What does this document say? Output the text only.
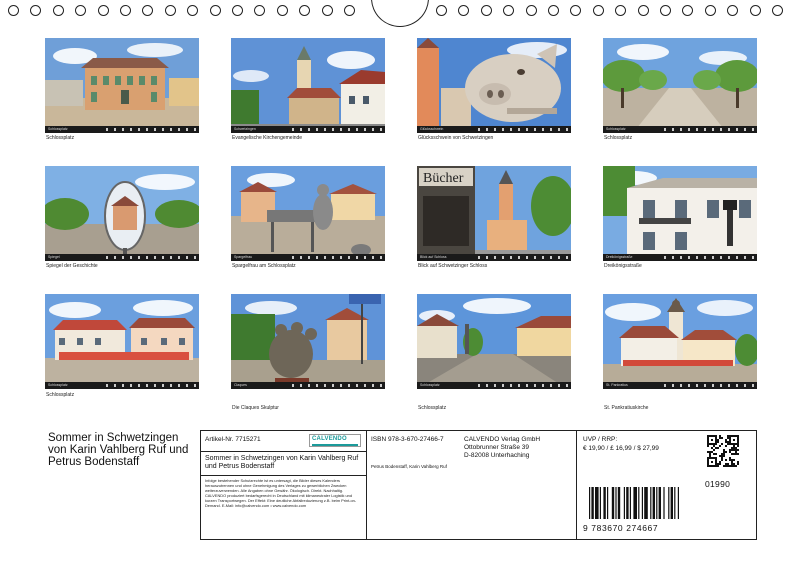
Schlossplatz
Schlossplatz
Schwetzingen
Evangelische Kirchengemeinde
Glücksschwein
Glücksschwein von Schwetzingen
Schlossplatz
Schlossplatz
Spiegel
Spiegel der Geschichte
Spargelfrau
Spargelfrau am Schlossplatz
Bücher
Blick auf Schloss
Blick auf Schwetzinger Schloss
Dreikönigsstraße
Dreikönigsstraße
Schlossplatz
Schlossplatz
Claques
Die Claques Skulptur
Schlossplatz
Schlossplatz
St. Pankratius
St. Pankratiuskirche
Sommer in Schwetzingen von Karin Vahlberg Ruf und Petrus Bodenstaff
Artikel-Nr. 7715271	CALVENDO
Sommer in Schwetzingen von Karin Vahlberg Ruf und Petrus Bodenstaff
Infolge bestehender Schutzrechte ist es untersagt, die Bilder dieses Kalenders herauszutrennen und ohne Genehmigung des Verlages zu gewerblichen Zwecken weiterzuverwenden. Alle Angaben ohne Gewähr. Ökologisch. Direkt. Nachhaltig. CALVENDO produziert bedarfsgerecht in Deutschland mit klimaneutraler Logistik und kurzen Transportwegen. Der Effekt: Eine deutliche Abfallreduzierung z.B. beim Print-on-Demand. E-Mail: info@calvendo.com • www.calvendo.com
ISBN 978-3-670-27466-7	CALVENDO Verlag GmbH
Ottobrunner Straße 39
D-82008 Unterhaching
Petrus Bodenstaff, Karin Vahlberg Ruf
UVP / RRP:
€ 19,90 / £ 16,99 / $ 27,99
01990
9 783670 274667
